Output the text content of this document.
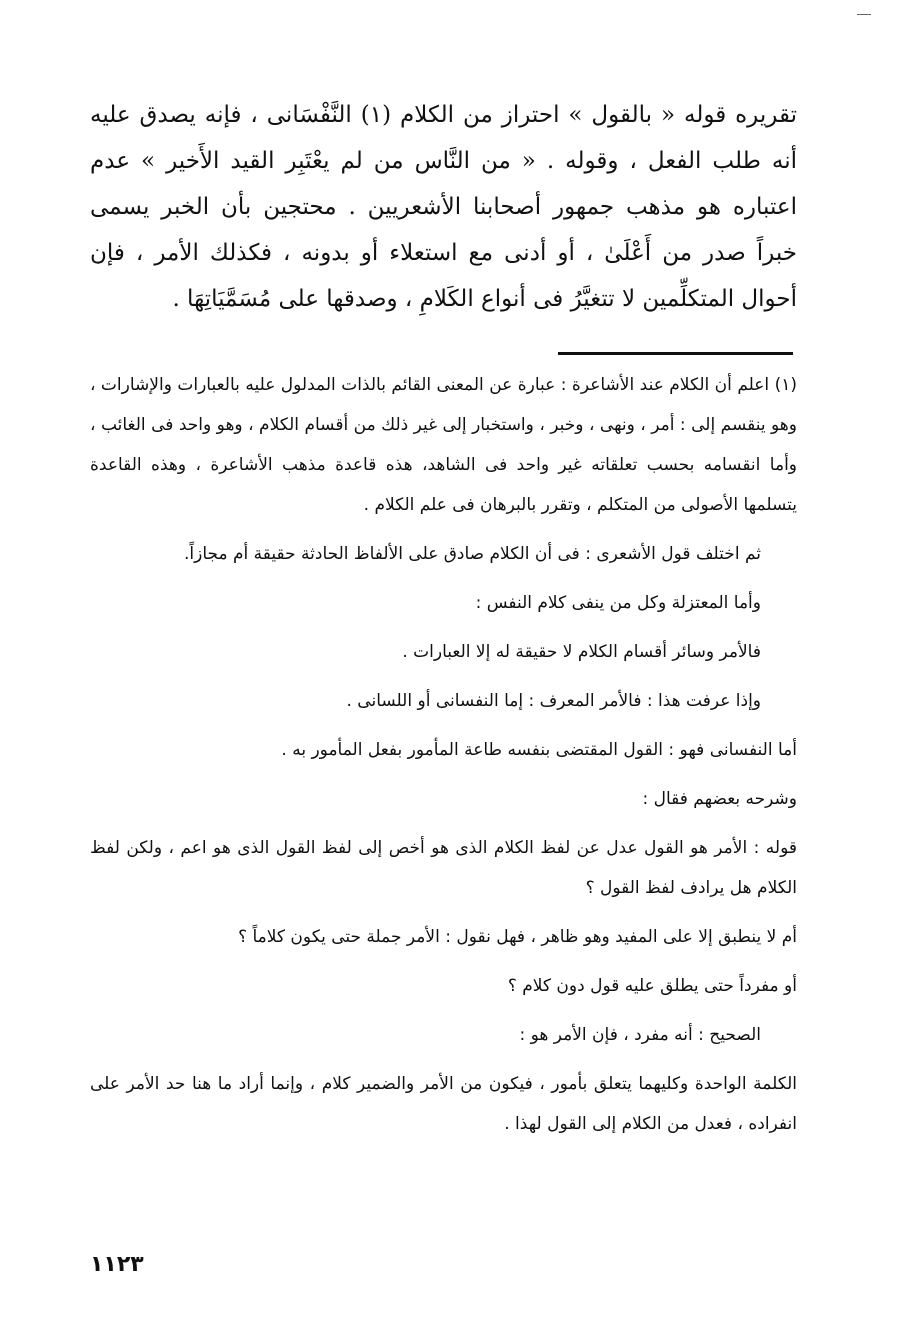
تقريره قوله « بالقول » احتراز من الكلام (١) النَّفْسَانى ، فإنه يصدق عليه أنه طلب الفعل ، وقوله . « من النَّاس من لم يعْتَبِر القيد الأَخير » عدم اعتباره هو مذهب جمهور أصحابنا الأشعريين . محتجين بأن الخبر يسمى خبراً صدر من أَعْلَىٰ ، أو أدنى مع استعلاء أو بدونه ، فكذلك الأمر ، فإن أحوال المتكلِّمين لا تتغيَّرُ فى أنواع الكَلامِ ، وصدقها على مُسَمَّيَاتِهَا .

(١) اعلم أن الكلام عند الأشاعرة : عبارة عن المعنى القائم بالذات المدلول عليه بالعبارات والإشارات ، وهو ينقسم إلى : أمر ، ونهى ، وخبر ، واستخبار إلى غير ذلك من أقسام الكلام ، وهو واحد فى الغائب ، وأما انقسامه بحسب تعلقاته غير واحد فى الشاهد، هذه قاعدة مذهب الأشاعرة ، وهذه القاعدة يتسلمها الأصولى من المتكلم ، وتقرر بالبرهان فى علم الكلام .

ثم اختلف قول الأشعرى : فى أن الكلام صادق على الألفاظ الحادثة حقيقة أم مجازاً.

وأما المعتزلة وكل من ينفى كلام النفس :

فالأمر وسائر أقسام الكلام لا حقيقة له إلا العبارات .

وإذا عرفت هذا : فالأمر المعرف : إما النفسانى أو اللسانى .

أما النفسانى فهو : القول المقتضى بنفسه طاعة المأمور بفعل المأمور به .

وشرحه بعضهم فقال :

قوله : الأمر هو القول عدل عن لفظ الكلام الذى هو أخص إلى لفظ القول الذى هو اعم ، ولكن لفظ الكلام هل يرادف لفظ القول ؟

أم لا ينطبق إلا على المفيد وهو ظاهر ، فهل نقول : الأمر جملة حتى يكون كلاماً ؟

أو مفرداً حتى يطلق عليه قول دون كلام ؟

الصحيح : أنه مفرد ، فإن الأمر هو :

الكلمة الواحدة وكليهما يتعلق بأمور ، فيكون من الأمر والضمير كلام ، وإنما أراد ما هنا حد الأمر على انفراده ، فعدل من الكلام إلى القول لهذا .

١١٢٣
